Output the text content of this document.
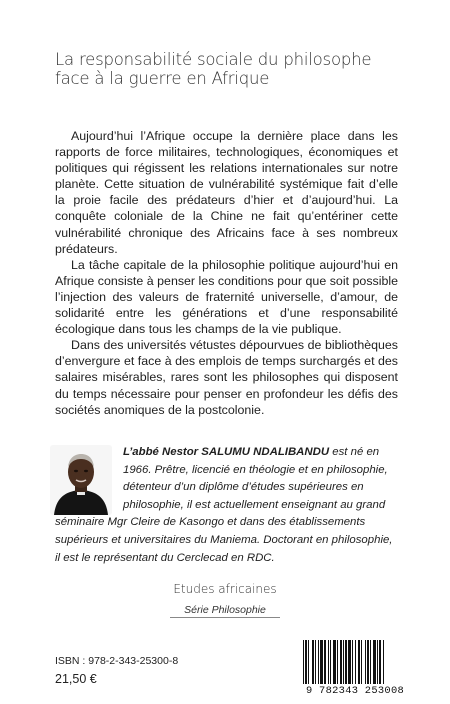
La responsabilité sociale du philosophe
face à la guerre en Afrique

Aujourd’hui l’Afrique occupe la dernière place dans les rapports de force militaires, technologiques, économiques et politiques qui régissent les relations internationales sur notre planète. Cette situation de vulnérabilité systémique fait d’elle la proie facile des prédateurs d’hier et d’aujourd’hui. La conquête coloniale de la Chine ne fait qu’entériner cette vulnérabilité chronique des Africains face à ses nombreux prédateurs.

La tâche capitale de la philosophie politique aujourd’hui en Afrique consiste à penser les conditions pour que soit possible l’injection des valeurs de fraternité universelle, d’amour, de solidarité entre les générations et d’une responsabilité écologique dans tous les champs de la vie publique.

Dans des universités vétustes dépourvues de bibliothèques d’envergure et face à des emplois de temps surchargés et des salaires misérables, rares sont les philosophes qui disposent du temps nécessaire pour penser en profondeur les défis des sociétés anomiques de la postcolonie.

L’abbé Nestor SALUMU NDALIBANDU est né en 1966. Prêtre, licencié en théologie et en philosophie, détenteur d’un diplôme d’études supérieures en philosophie, il est actuellement enseignant au grand séminaire Mgr Cleire de Kasongo et dans des établissements supérieurs et universitaires du Maniema. Doctorant en philosophie, il est le représentant du Cerclecad en RDC.
Etudes africaines
Série Philosophie
ISBN : 978-2-343-25300-8
21,50 €
9 782343 253008
